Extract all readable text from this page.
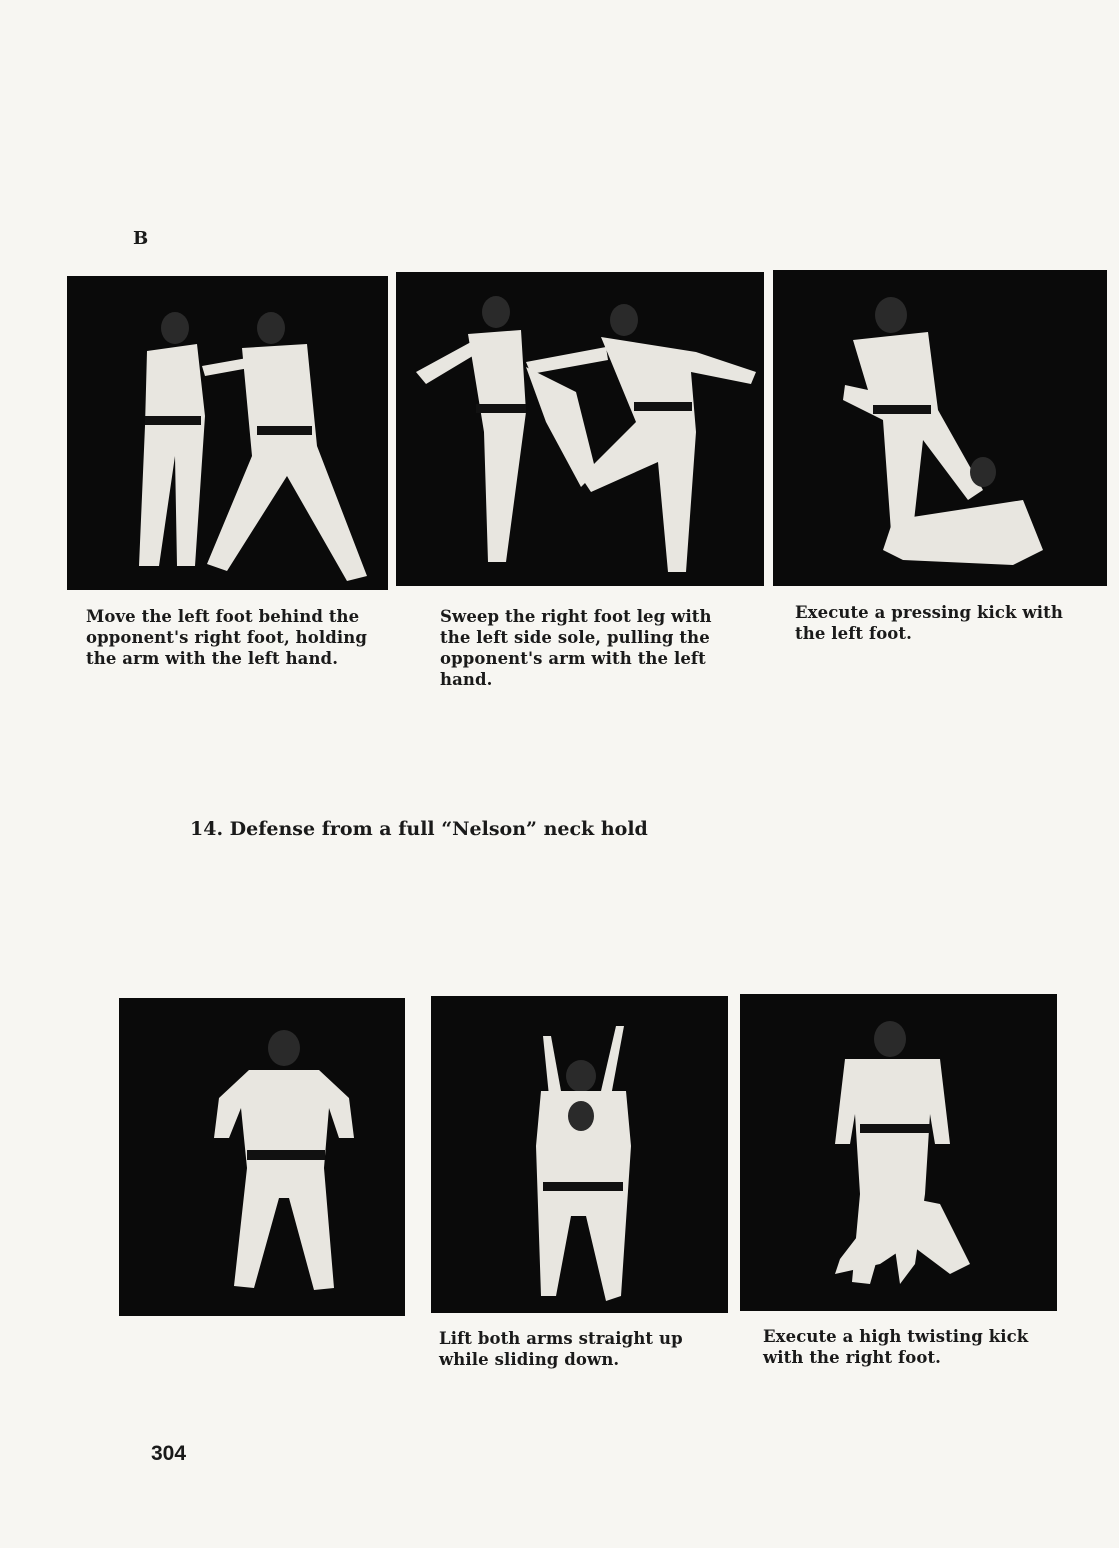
B
Move the left foot behind the
opponent's right foot, holding
the arm with the left hand.
Sweep the right foot leg with
the left side sole, pulling the
opponent's arm with the left
hand.
Execute a pressing kick with
the left foot.
14. Defense from a full “Nelson” neck hold
Lift both arms straight up
while sliding down.
Execute a high twisting kick
with the right foot.
304
